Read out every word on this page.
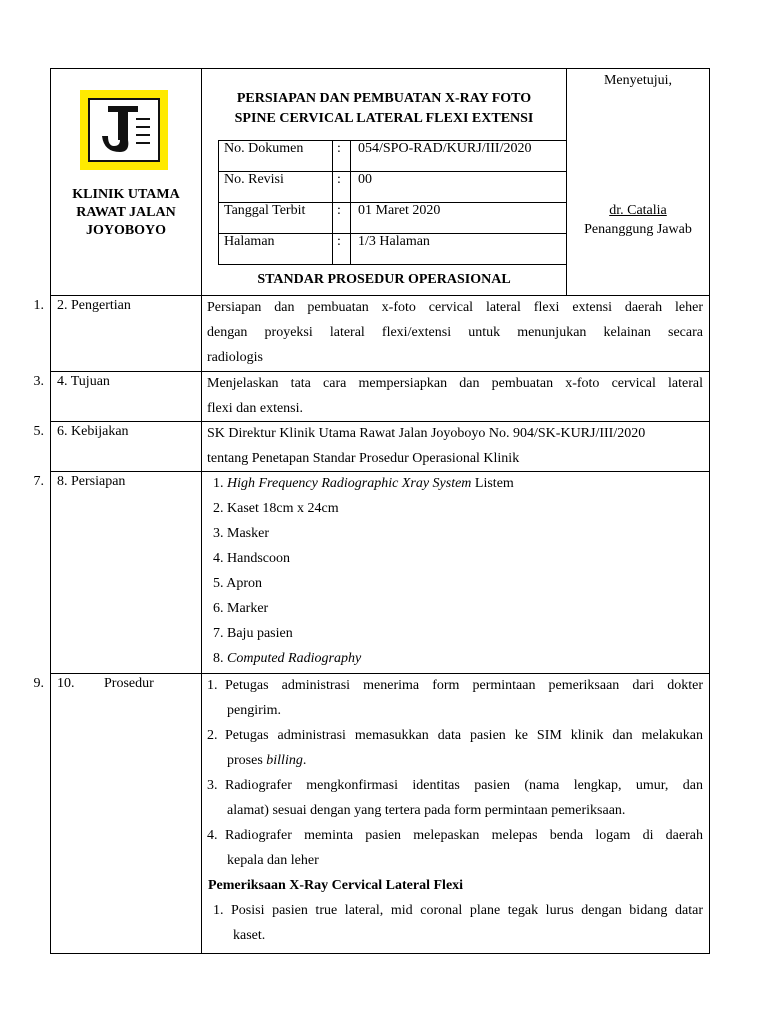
KLINIK UTAMA
RAWAT JALAN
JOYOBOYO
PERSIAPAN DAN PEMBUATAN X-RAY FOTO
SPINE CERVICAL LATERAL FLEXI EXTENSI
No. Dokumen : 054/SPO-RAD/KURJ/III/2020
No. Revisi	: 00
Tanggal Terbit : 01 Maret 2020
Halaman	: 1/3 Halaman
STANDAR PROSEDUR OPERASIONAL
Menyetujui,
dr. Catalia
Penanggung Jawab
1. 2. Pengertian	Persiapan dan pembuatan x-foto cervical lateral flexi extensi daerah leher
dengan proyeksi lateral flexi/extensi untuk menunjukan kelainan secara
radiologis
3. 4. Tujuan	Menjelaskan tata cara mempersiapkan dan pembuatan x-foto cervical lateral
flexi dan extensi.
5. 6. Kebijakan	SK Direktur Klinik Utama Rawat Jalan Joyoboyo No. 904/SK-KURJ/III/2020
tentang Penetapan Standar Prosedur Operasional Klinik
7. 8. Persiapan	1. High Frequency Radiographic Xray System Listem
2. Kaset 18cm x 24cm
3. Masker
4. Handscoon
5. Apron
6. Marker
7. Baju pasien
8. Computed Radiography
9. 10. Prosedur	1. Petugas administrasi menerima form permintaan pemeriksaan dari dokter
pengirim.
2. Petugas administrasi memasukkan data pasien ke SIM klinik dan melakukan
proses billing.
3. Radiografer mengkonfirmasi identitas pasien (nama lengkap, umur, dan
alamat) sesuai dengan yang tertera pada form permintaan pemeriksaan.
4. Radiografer meminta pasien melepaskan melepas benda logam di daerah
kepala dan leher
Pemeriksaan X-Ray Cervical Lateral Flexi
1. Posisi pasien true lateral, mid coronal plane tegak lurus dengan bidang datar
kaset.
